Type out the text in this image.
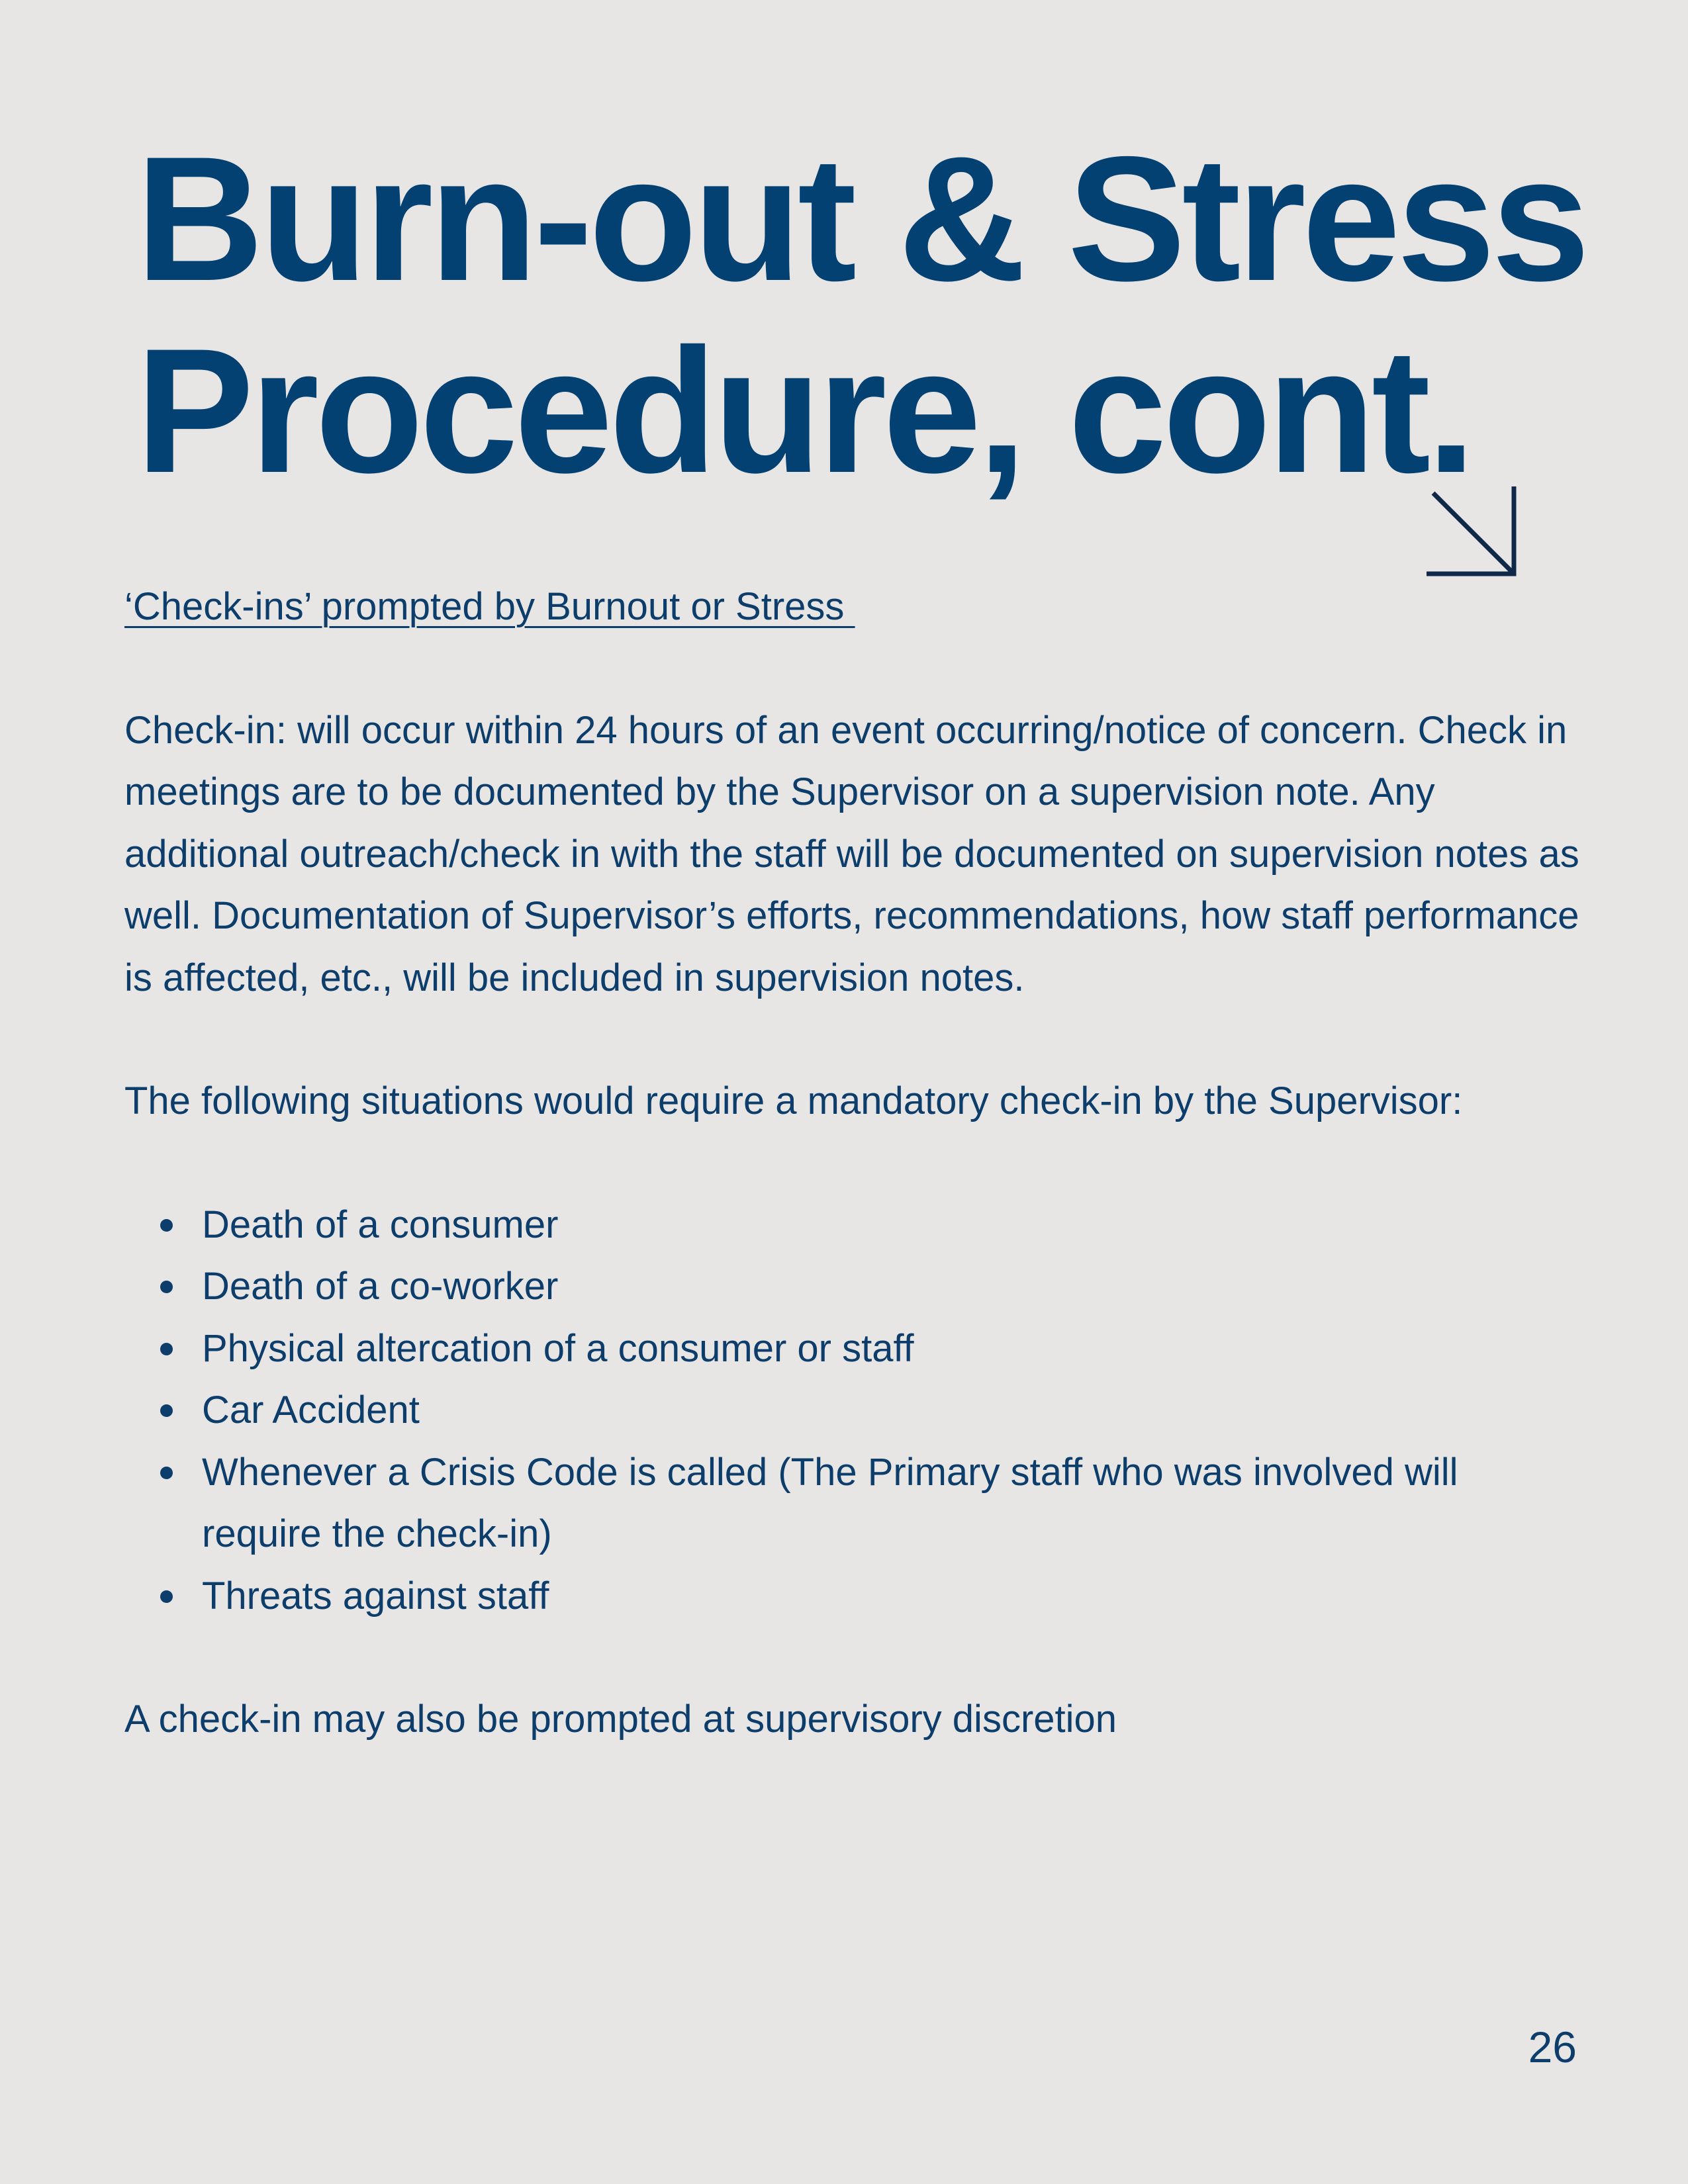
Burn-out & Stress
Procedure, cont.

‘Check-ins’ prompted by Burnout or Stress

Check-in: will occur within 24 hours of an event occurring/notice of concern. Check in meetings are to be documented by the Supervisor on a supervision note. Any additional outreach/check in with the staff will be documented on supervision notes as well. Documentation of Supervisor’s efforts, recommendations, how staff performance is affected, etc., will be included in supervision notes.

The following situations would require a mandatory check-in by the Supervisor:

Death of a consumer
Death of a co-worker
Physical altercation of a consumer or staff
Car Accident
Whenever a Crisis Code is called (The Primary staff who was involved will require the check-in)
Threats against staff

A check-in may also be prompted at supervisory discretion

26
